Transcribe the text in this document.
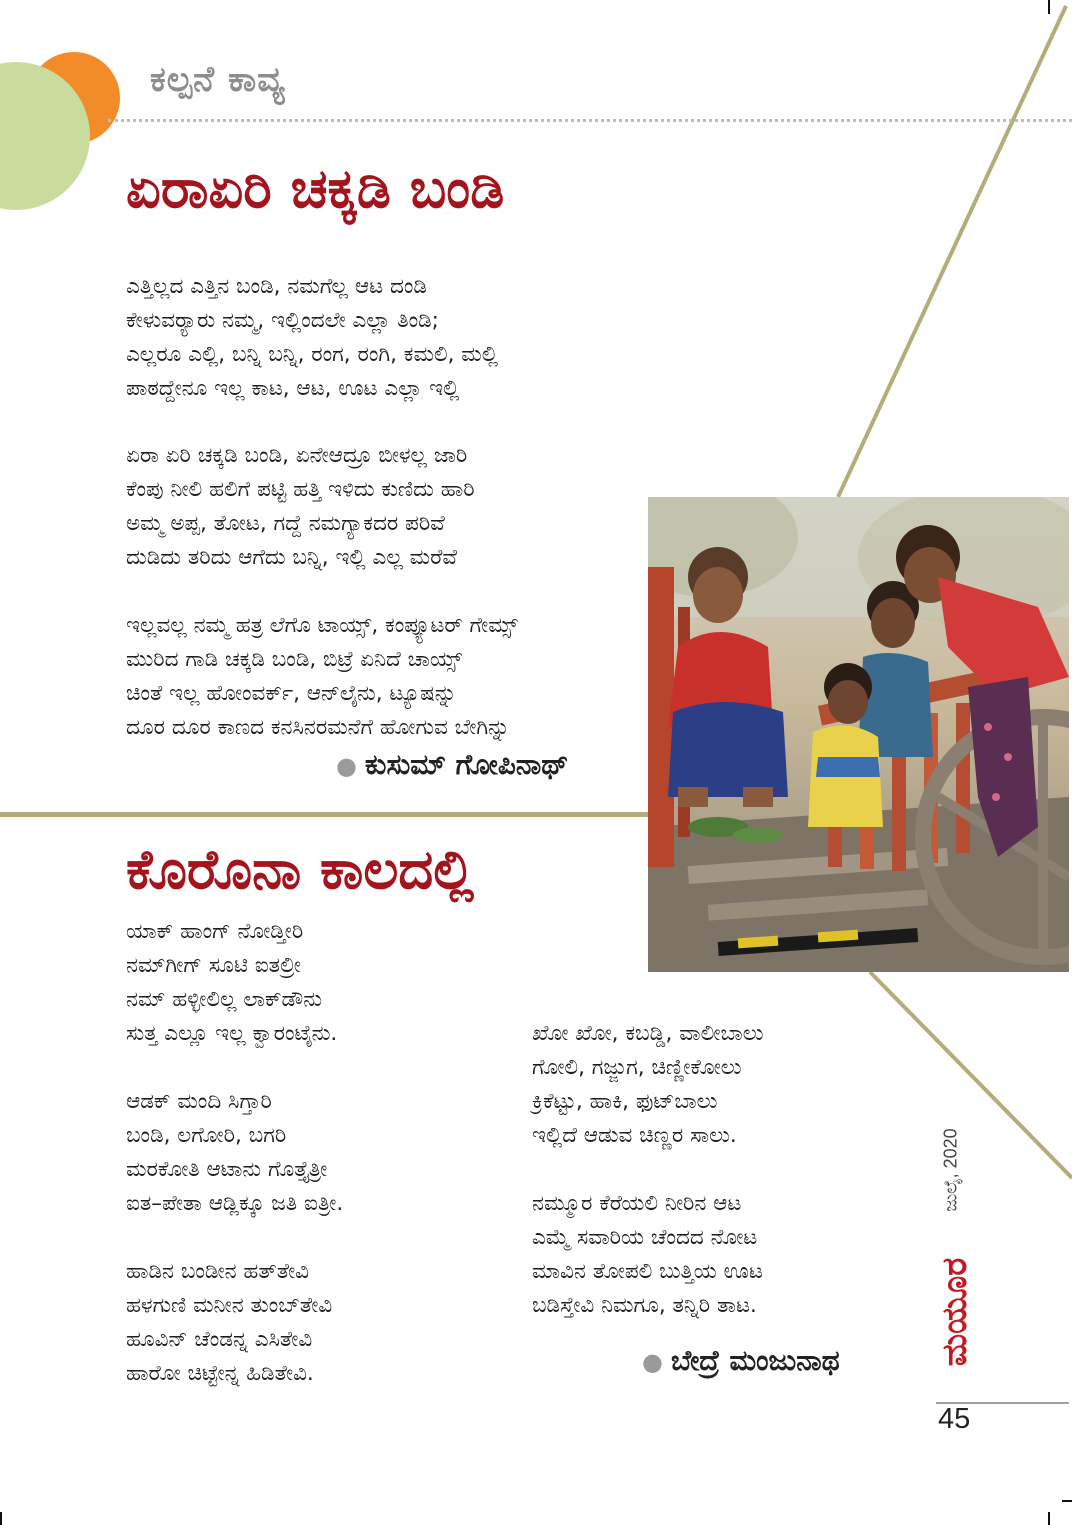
ಕಲ್ಪನೆ ಕಾವ್ಯ
ಏರಾಏರಿ ಚಕ್ಕಡಿ ಬಂಡಿ

ಎತ್ತಿಲ್ಲದ ಎತ್ತಿನ ಬಂಡಿ, ನಮಗೆಲ್ಲ ಆಟ ದಂಡಿ

ಕೇಳುವರ್‍ಯಾರು ನಮ್ಮ, ಇಲ್ಲಿಂದಲೇ ಎಲ್ಲಾ ತಿಂಡಿ;

ಎಲ್ಲರೂ ಎಲ್ಲಿ, ಬನ್ನಿ ಬನ್ನಿ, ರಂಗ, ರಂಗಿ, ಕಮಲಿ, ಮಲ್ಲಿ

ಪಾಠದ್ದೇನೂ ಇಲ್ಲ ಕಾಟ, ಆಟ, ಊಟ ಎಲ್ಲಾ ಇಲ್ಲಿ

ಏರಾ ಏರಿ ಚಕ್ಕಡಿ ಬಂಡಿ, ಏನೇಆದ್ರೂ ಬೀಳಲ್ಲ ಜಾರಿ

ಕೆಂಪು ನೀಲಿ ಹಲಿಗೆ ಪಟ್ಟಿ ಹತ್ತಿ ಇಳಿದು ಕುಣಿದು ಹಾರಿ

ಅಮ್ಮ ಅಪ್ಪ, ತೋಟ, ಗದ್ದೆ ನಮಗ್ಯಾಕದರ ಪರಿವೆ

ದುಡಿದು ತರಿದು ಆಗೆದು ಬನ್ನಿ, ಇಲ್ಲಿ ಎಲ್ಲ ಮರೆವೆ

ಇಲ್ಲವಲ್ಲ ನಮ್ಮ ಹತ್ರ ಲೆಗೊ ಟಾಯ್ಸ್, ಕಂಪ್ಯೂಟರ್ ಗೇಮ್ಸ್

ಮುರಿದ ಗಾಡಿ ಚಕ್ಕಡಿ ಬಂಡಿ, ಬಿಟ್ರೆ ಏನಿದೆ ಚಾಯ್ಸ್

ಚಿಂತೆ ಇಲ್ಲ ಹೋಂವರ್ಕ್, ಆನ್‌ಲೈನು, ಟ್ಯೂಷನ್ನು

ದೂರ ದೂರ ಕಾಣದ ಕನಸಿನರಮನೆಗೆ ಹೋಗುವ ಬೇಗಿನ್ನು

● ಕುಸುಮ್ ಗೋಪಿನಾಥ್
ಕೊರೊನಾ ಕಾಲದಲ್ಲಿ

ಯಾಕ್ ಹಾಂಗ್ ನೋಡ್ತೀರಿ

ನಮ್‌ಗೀಗ್ ಸೂಟಿ ಐತಲ್ರೀ

ನಮ್ ಹಳ್ಳೀಲಿಲ್ಲ ಲಾಕ್‌ಡೌನು

ಸುತ್ತ ಎಲ್ಲೂ ಇಲ್ಲ ಕ್ವಾರಂಟೈನು.

ಆಡಕ್ ಮಂದಿ ಸಿಗ್ತಾರಿ

ಬಂಡಿ, ಲಗೋರಿ, ಬಗರಿ

ಮರಕೋತಿ ಆಟಾನು ಗೊತ್ತೈತ್ರೀ

ಐತ–ಪೇತಾ ಆಡ್ಲಿಕ್ಕೂ ಜತಿ ಐತ್ರೀ.

ಹಾಡಿನ ಬಂಡೀನ ಹತ್‌ತೇವಿ

ಹಳಗುಣಿ ಮನೀನ ತುಂಬ್‌ತೇವಿ

ಹೂವಿನ್ ಚೆಂಡನ್ನ ಎಸಿತೇವಿ

ಹಾರೋ ಚಿಟ್ಟೇನ್ನ ಹಿಡಿತೇವಿ.

ಖೋ ಖೋ, ಕಬಡ್ಡಿ, ವಾಲೀಬಾಲು

ಗೋಲಿ, ಗಜ್ಜುಗ, ಚಿಣ್ಣೀಕೋಲು

ಕ್ರಿಕೆಟ್ಟು, ಹಾಕಿ, ಫುಟ್‌ಬಾಲು

ಇಲ್ಲಿದೆ ಆಡುವ ಚಿಣ್ಣರ ಸಾಲು.

ನಮ್ಮೂರ ಕೆರೆಯಲಿ ನೀರಿನ ಆಟ

ಎಮ್ಮೆ ಸವಾರಿಯ ಚೆಂದದ ನೋಟ

ಮಾವಿನ ತೋಪಲಿ ಬುತ್ತಿಯ ಊಟ

ಬಡಿಸ್ತೇವಿ ನಿಮಗೂ, ತನ್ನಿರಿ ತಾಟ.

● ಬೇದ್ರೆ ಮಂಜುನಾಥ
ಜುಲೈ, 2020
ಮಯೂರ
45
